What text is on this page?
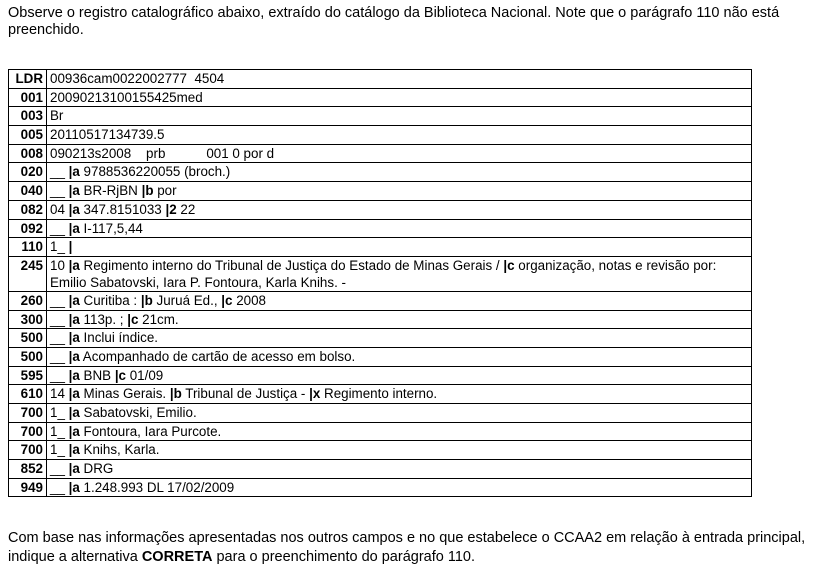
Observe o registro catalográfico abaixo, extraído do catálogo da Biblioteca Nacional. Note que o parágrafo 110 não está preenchido.

LDR	00936cam0022002777  4504
001	20090213100155425med
003	Br
005	20110517134739.5
008	090213s2008    prb           001 0 por d
020	__ |a 9788536220055 (broch.)
040	__ |a BR-RjBN |b por
082	04 |a 347.8151033 |2 22
092	__ |a I-117,5,44
110	1_ |
245	10 |a Regimento interno do Tribunal de Justiça do Estado de Minas Gerais / |c organização, notas e revisão por: Emilio Sabatovski, Iara P. Fontoura, Karla Knihs. -
260	__ |a Curitiba : |b Juruá Ed., |c 2008
300	__ |a 113p. ; |c 21cm.
500	__ |a Inclui índice.
500	__ |a Acompanhado de cartão de acesso em bolso.
595	__ |a BNB |c 01/09
610	14 |a Minas Gerais. |b Tribunal de Justiça - |x Regimento interno.
700	1_ |a Sabatovski, Emilio.
700	1_ |a Fontoura, Iara Purcote.
700	1_ |a Knihs, Karla.
852	__ |a DRG
949	__ |a 1.248.993 DL 17/02/2009

Com base nas informações apresentadas nos outros campos e no que estabelece o CCAA2 em relação à entrada principal, indique a alternativa CORRETA para o preenchimento do parágrafo 110.
